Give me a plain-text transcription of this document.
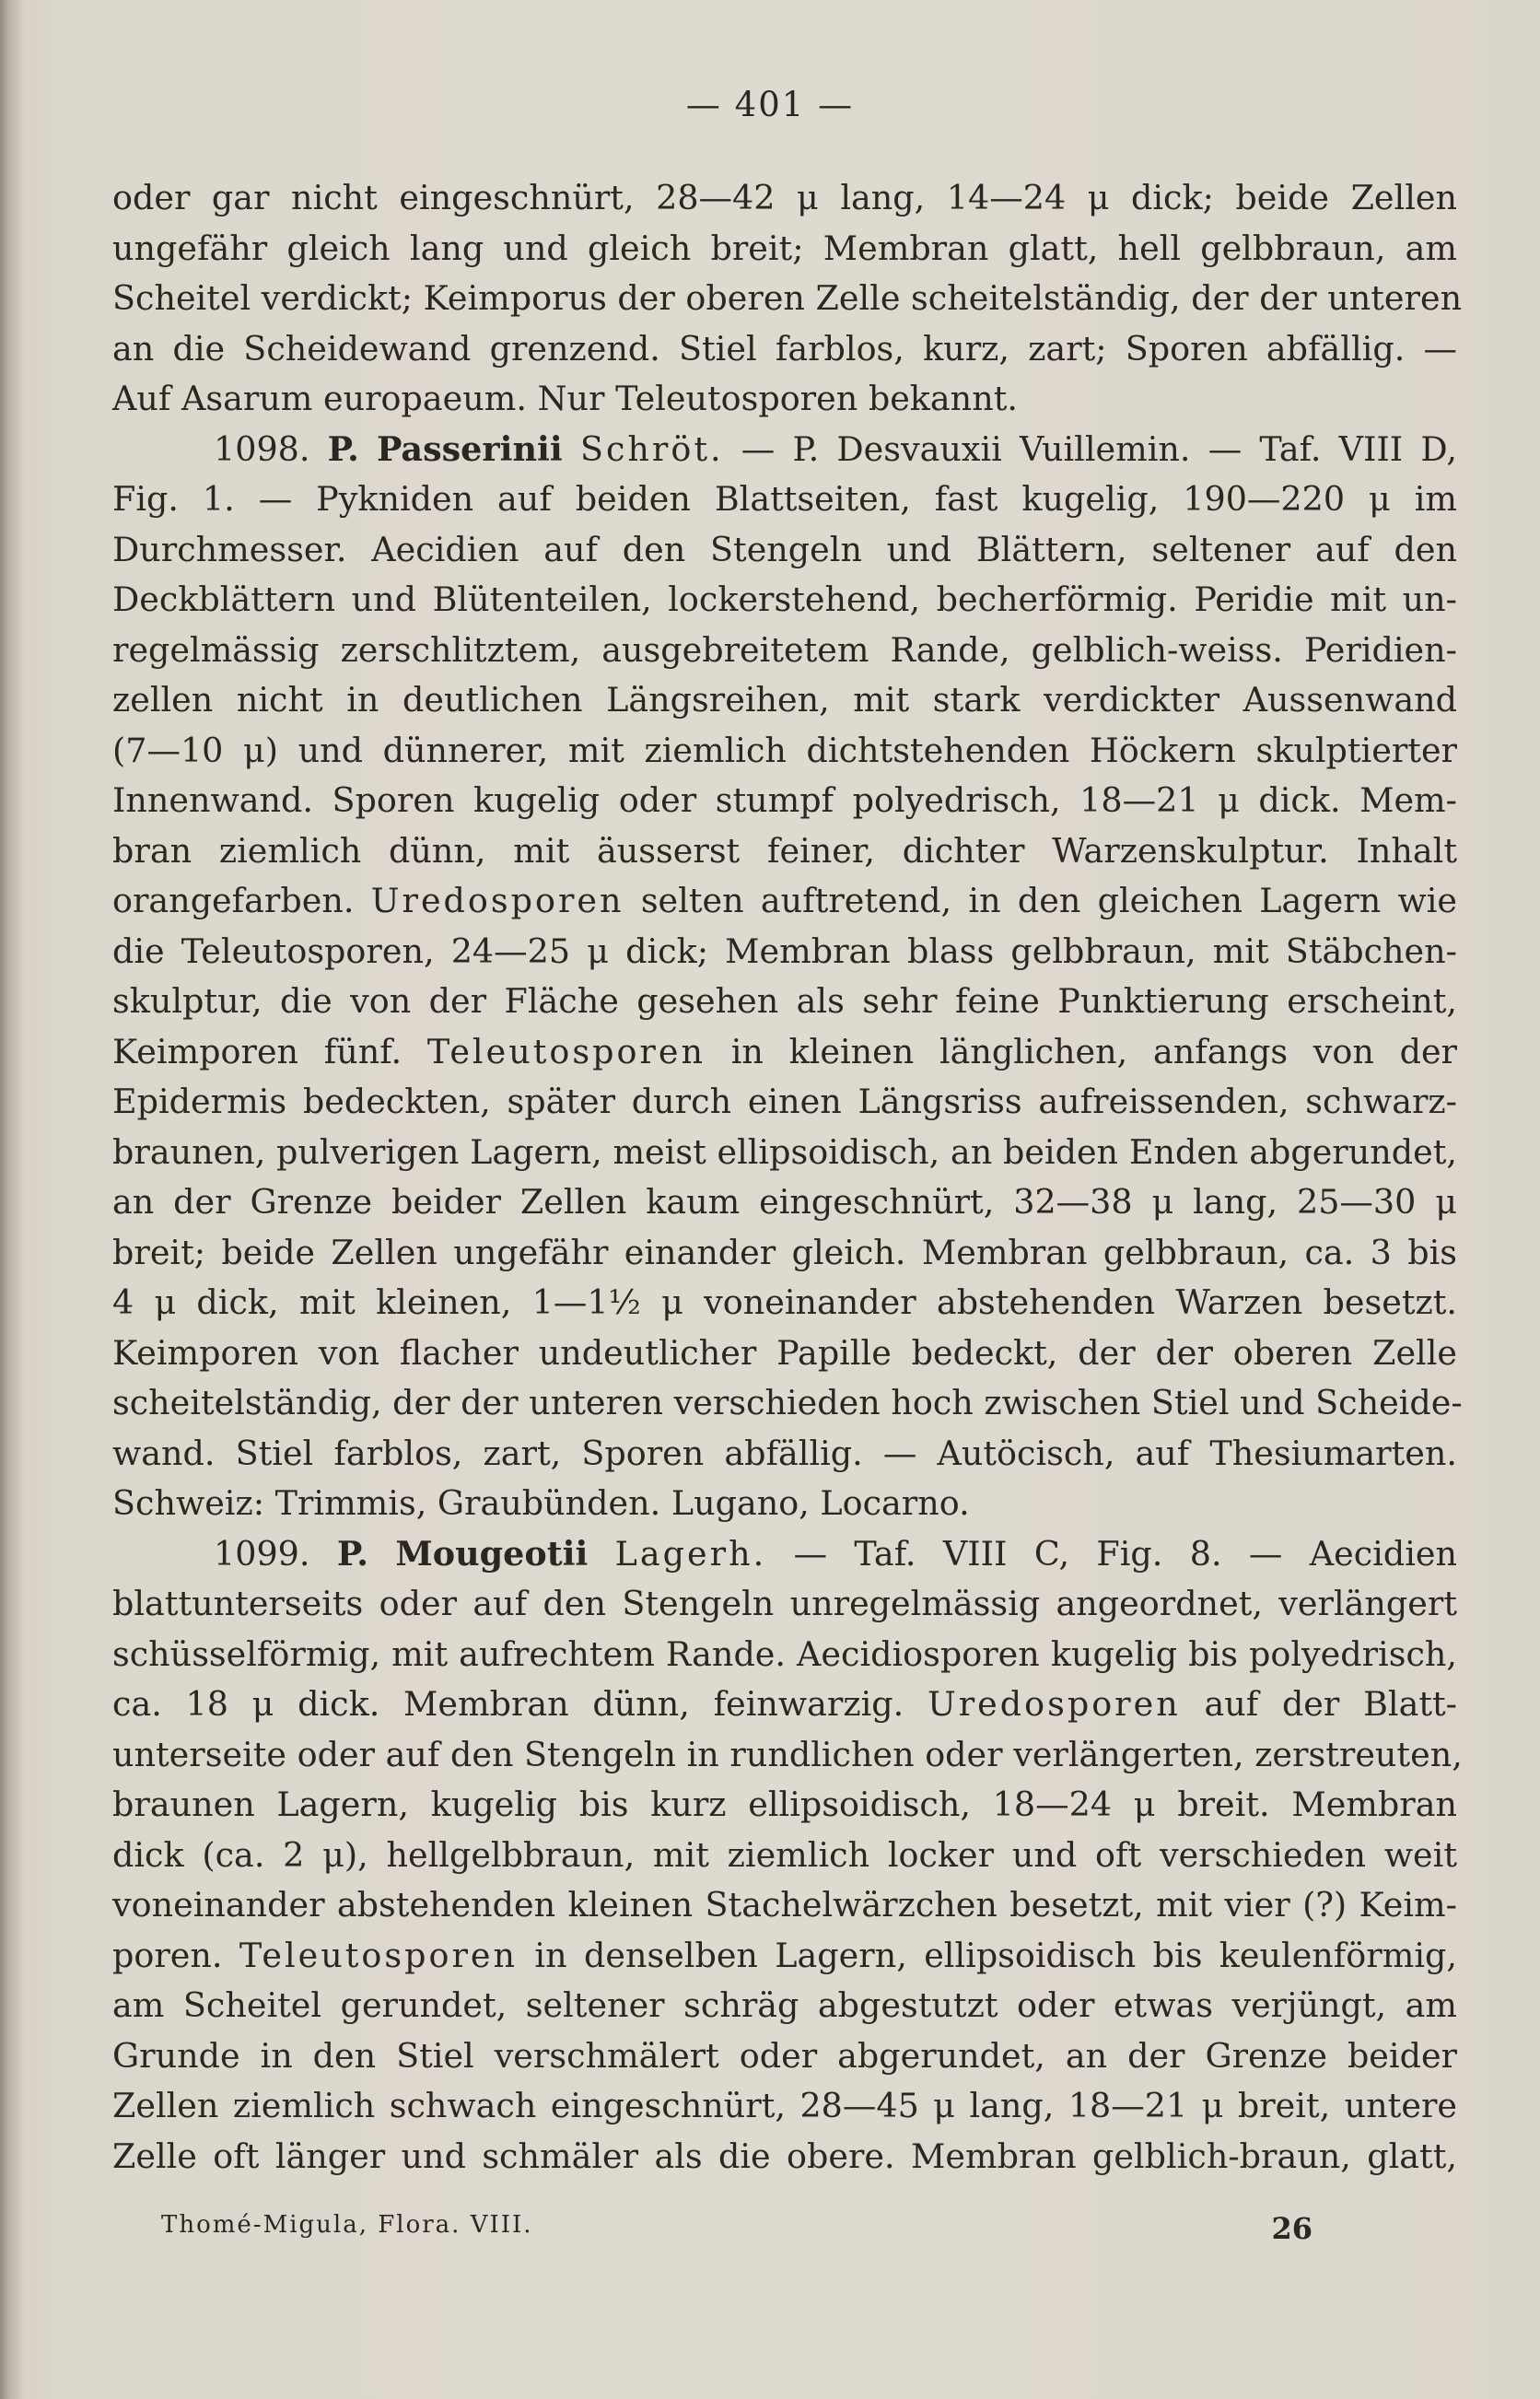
— 401 —
oder gar nicht eingeschnürt, 28—42 μ lang, 14—24 μ dick; beide Zellen
ungefähr gleich lang und gleich breit; Membran glatt, hell gelbbraun, am
Scheitel verdickt; Keimporus der oberen Zelle scheitelständig, der der unteren
an die Scheidewand grenzend. Stiel farblos, kurz, zart; Sporen abfällig. —
Auf Asarum europaeum. Nur Teleutosporen bekannt.
1098. P. Passerinii Schröt. — P. Desvauxii Vuillemin. — Taf. VIII D,
Fig. 1. — Pykniden auf beiden Blattseiten, fast kugelig, 190—220 μ im
Durchmesser. Aecidien auf den Stengeln und Blättern, seltener auf den
Deckblättern und Blütenteilen, lockerstehend, becherförmig. Peridie mit un-
regelmässig zerschlitztem, ausgebreitetem Rande, gelblich-weiss. Peridien-
zellen nicht in deutlichen Längsreihen, mit stark verdickter Aussenwand
(7—10 μ) und dünnerer, mit ziemlich dichtstehenden Höckern skulptierter
Innenwand. Sporen kugelig oder stumpf polyedrisch, 18—21 μ dick. Mem-
bran ziemlich dünn, mit äusserst feiner, dichter Warzenskulptur. Inhalt
orangefarben. Uredosporen selten auftretend, in den gleichen Lagern wie
die Teleutosporen, 24—25 μ dick; Membran blass gelbbraun, mit Stäbchen-
skulptur, die von der Fläche gesehen als sehr feine Punktierung erscheint,
Keimporen fünf. Teleutosporen in kleinen länglichen, anfangs von der
Epidermis bedeckten, später durch einen Längsriss aufreissenden, schwarz-
braunen, pulverigen Lagern, meist ellipsoidisch, an beiden Enden abgerundet,
an der Grenze beider Zellen kaum eingeschnürt, 32—38 μ lang, 25—30 μ
breit; beide Zellen ungefähr einander gleich. Membran gelbbraun, ca. 3 bis
4 μ dick, mit kleinen, 1—1½ μ voneinander abstehenden Warzen besetzt.
Keimporen von flacher undeutlicher Papille bedeckt, der der oberen Zelle
scheitelständig, der der unteren verschieden hoch zwischen Stiel und Scheide-
wand. Stiel farblos, zart, Sporen abfällig. — Autöcisch, auf Thesiumarten.
Schweiz: Trimmis, Graubünden. Lugano, Locarno.
1099. P. Mougeotii Lagerh. — Taf. VIII C, Fig. 8. — Aecidien
blattunterseits oder auf den Stengeln unregelmässig angeordnet, verlängert
schüsselförmig, mit aufrechtem Rande. Aecidiosporen kugelig bis polyedrisch,
ca. 18 μ dick. Membran dünn, feinwarzig. Uredosporen auf der Blatt-
unterseite oder auf den Stengeln in rundlichen oder verlängerten, zerstreuten,
braunen Lagern, kugelig bis kurz ellipsoidisch, 18—24 μ breit. Membran
dick (ca. 2 μ), hellgelbbraun, mit ziemlich locker und oft verschieden weit
voneinander abstehenden kleinen Stachelwärzchen besetzt, mit vier (?) Keim-
poren. Teleutosporen in denselben Lagern, ellipsoidisch bis keulenförmig,
am Scheitel gerundet, seltener schräg abgestutzt oder etwas verjüngt, am
Grunde in den Stiel verschmälert oder abgerundet, an der Grenze beider
Zellen ziemlich schwach eingeschnürt, 28—45 μ lang, 18—21 μ breit, untere
Zelle oft länger und schmäler als die obere. Membran gelblich-braun, glatt,
Thomé-Migula, Flora. VIII.	26
